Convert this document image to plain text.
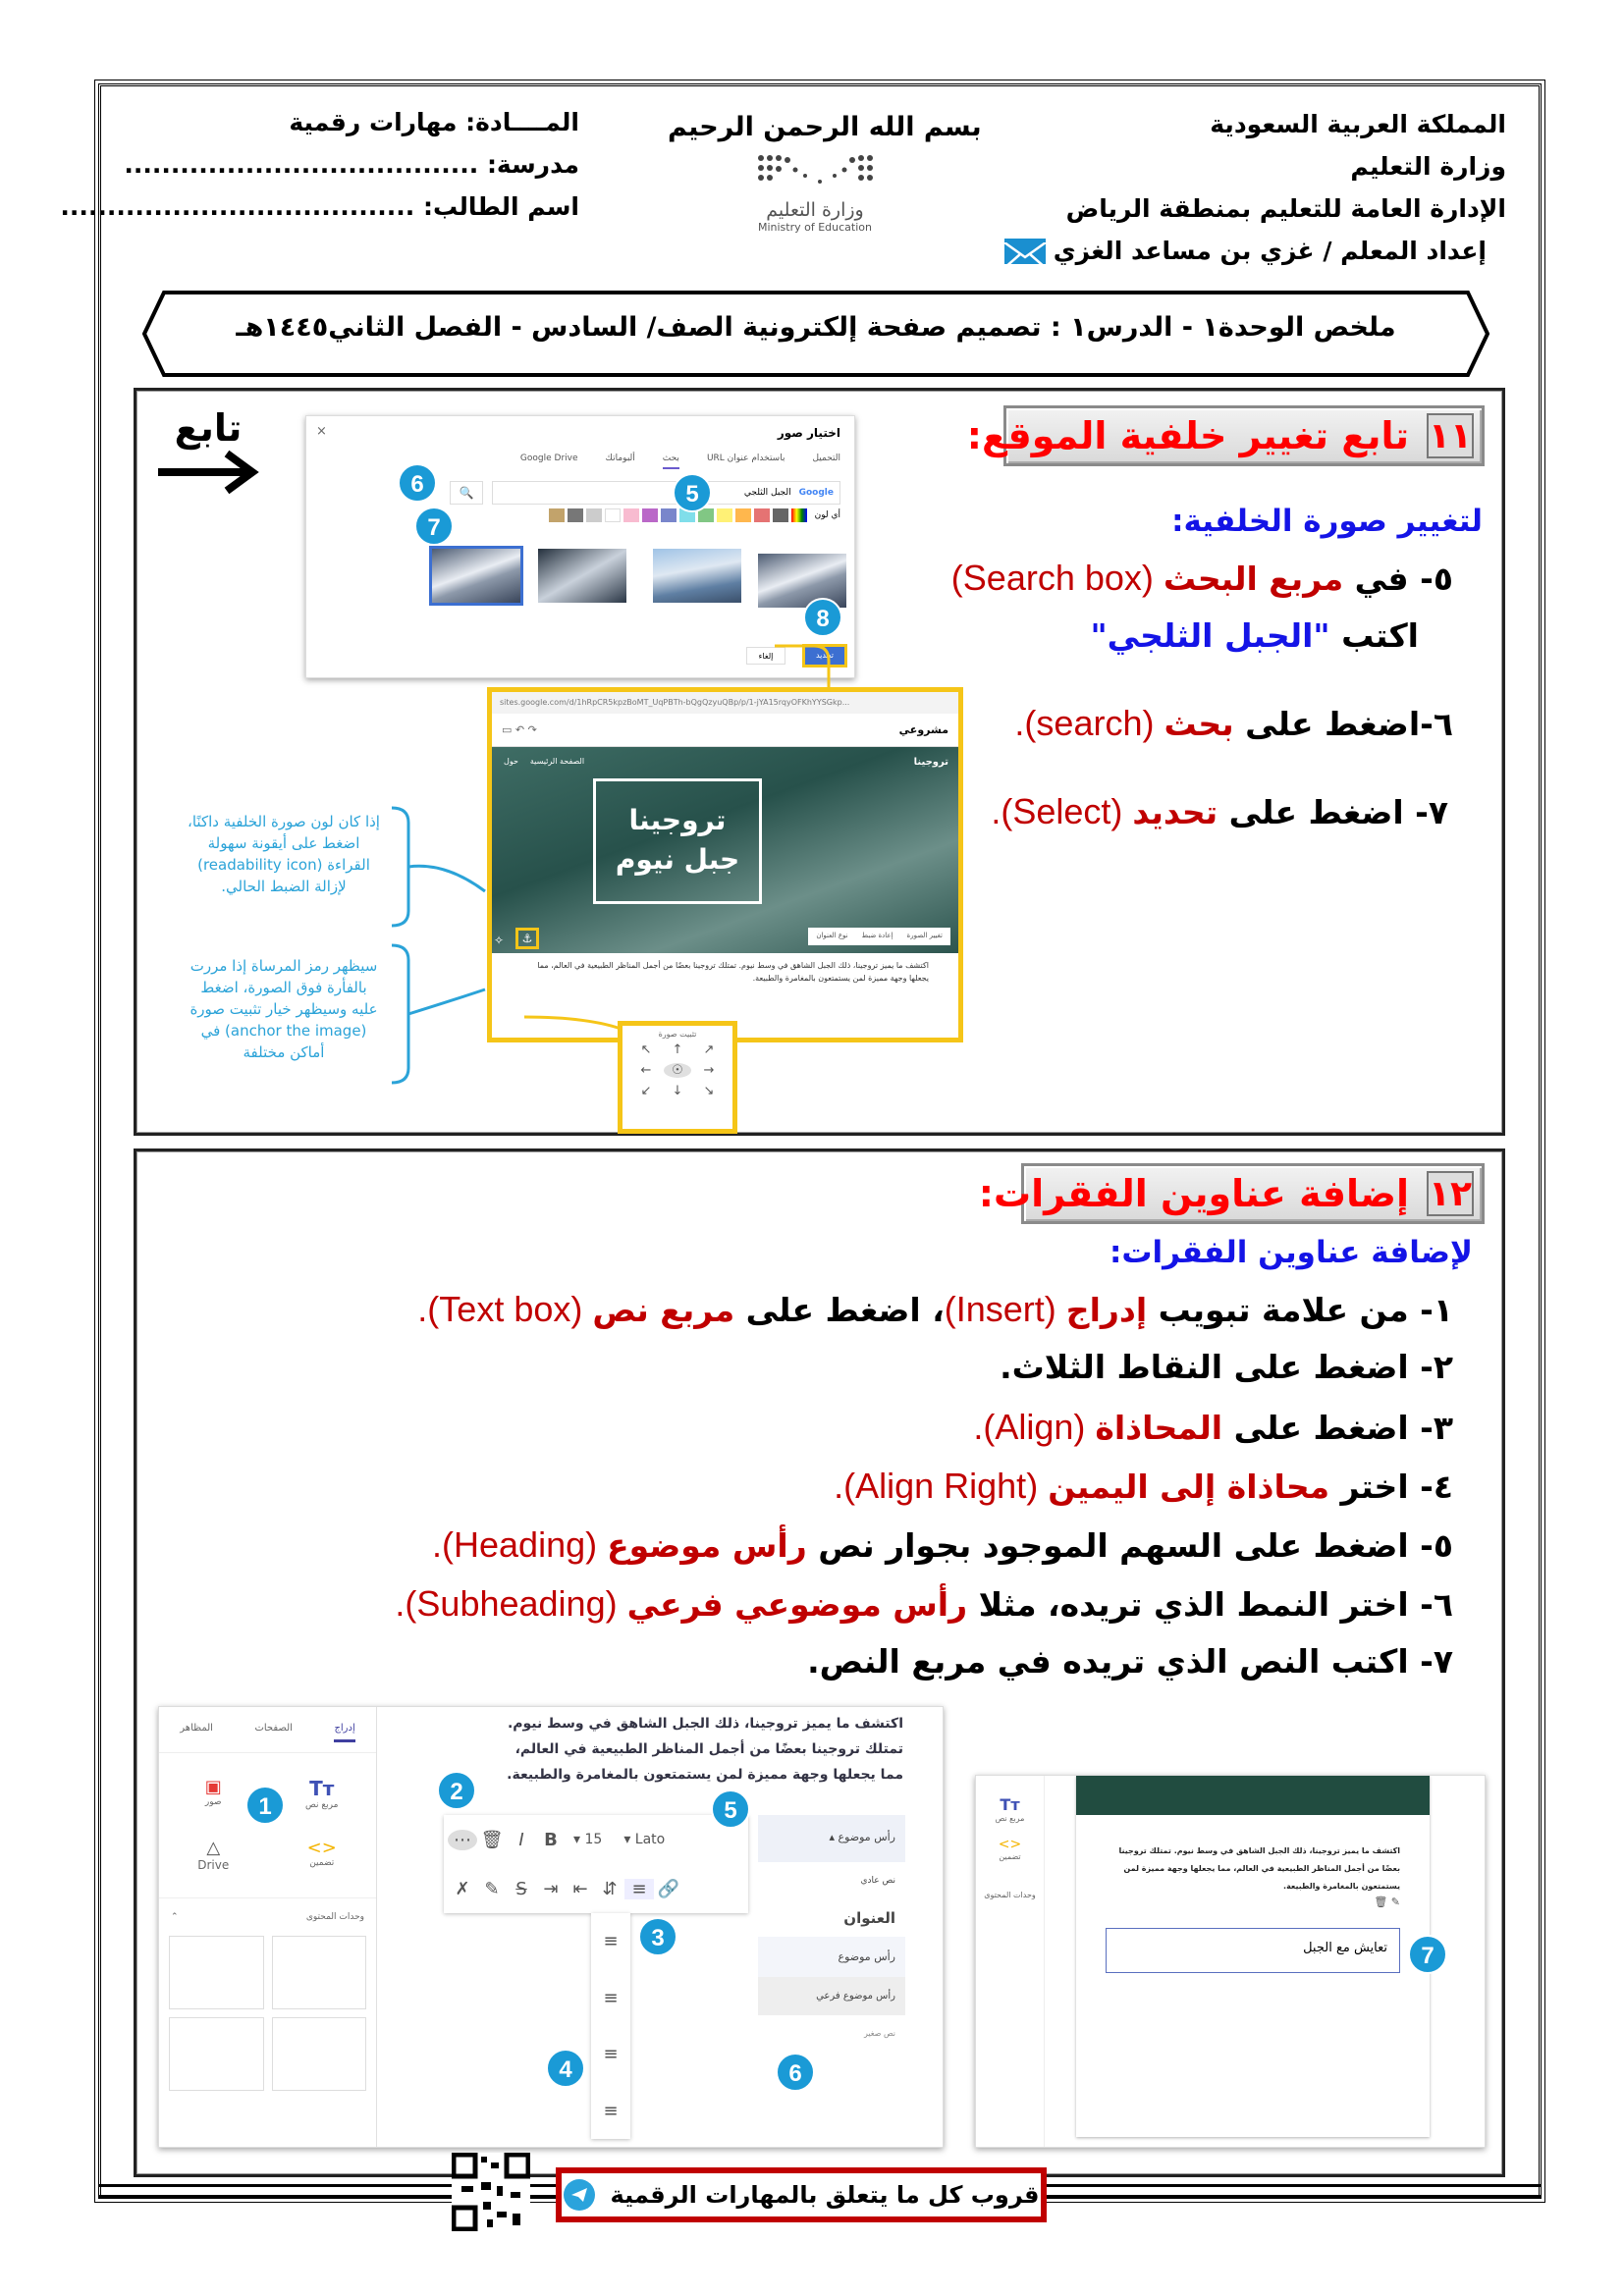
المملكة العربية السعودية
وزارة التعليم
الإدارة العامة للتعليم بمنطقة الرياض
إعداد المعلم / غزي بن مساعد الغزي
بسم الله الرحمن الرحيم
وزارة التعليم
Ministry of Education
المــــادة: مهارات رقمية
مدرسة: ......................................
اسم الطالب: ......................................
ملخص الوحدة١ - الدرس١ : تصميم صفحة إلكترونية الصف/ السادس - الفصل الثاني١٤٤٥هـ
١١
تابع تغيير خلفية الموقع:
لتغيير صورة الخلفية:
٥- في مربع البحث (Search box)
اكتب "الجبل الثلجي"
٦-اضغط على بحث (search).
٧- اضغط على تحديد (Select).
تابع	اختيار صور
×
التحميل
باستخدام عنوان URL
بحث
ألبوماتك
Google Drive
Google
الجبل الثلجي
🔍
أي لون
تحديد
إلغاء
5
6
7
8
sites.google.com/d/1hRpCR5kpzBoMT_UqPBTh-bQgQzyuQBp/p/1-jYA15rqyOFKhYYSGkp...
مشروعي
▭ ↶ ↷
تروجينا
الصفحة الرئيسية
حول
تروجينا
جبل نيوم
تغيير الصورة
إعادة ضبط
نوع العنوان
⚓
✧
اكتشف ما يميز تروجينا، ذلك الجبل الشاهق في وسط نيوم. تمتلك تروجينا بعضًا من أجمل المناظر الطبيعية في العالم، مما يجعلها وجهة مميزة لمن يستمتعون بالمغامرة والطبيعة.
تثبيت صورة
↖	↑	↗
←	☉	→
↙	↓	↘
إذا كان لون صورة الخلفية داكنًا، اضغط على أيقونة سهولة القراءة (readability icon) لإزالة الضبط الحالي.
سيظهر رمز المرساة إذا مررت بالفأرة فوق الصورة، اضغط عليه وسيظهر خيار تثبيت صورة (anchor the image) في أماكن مختلفة
١٢
إضافة عناوين الفقرات:
لإضافة عناوين الفقرات:
١- من علامة تبويب إدراج (Insert)، اضغط على مربع نص (Text box).
٢- اضغط على النقاط الثلاث.
٣- اضغط على المحاذاة (Align).
٤- اختر محاذاة إلى اليمين (Align Right).
٥- اضغط على السهم الموجود بجوار نص رأس موضوع (Heading).
٦- اختر النمط الذي تريده، مثلا رأس موضوعي فرعي (Subheading).
٧- اكتب النص الذي تريده في مربع النص.
إدراج
الصفحات
المظاهر
Tт
مربع نص
▣
صور
<>
تضمين
△
Drive
وحدات المحتوى
⌃
اكتشف ما يميز تروجينا، ذلك الجبل الشاهق في وسط نيوم.
تمتلك تروجينا بعضًا من أجمل المناظر الطبيعية في العالم،
مما يجعلها وجهة مميزة لمن يستمتعون بالمغامرة والطبيعة.
⋯ 🗑 I	B	▾ 15 ▾ Lato
✗ ✎ S ⇥ ⇤ ⇵ ≡ 🔗
≡
≡
≡
≡
رأس موضوع ▴
نص عادي
العنوان
رأس موضوع
رأس موضوع فرعي
نص صغير
1
2
3
4
5
6
Tт
مربع نص
<>
تضمين
وحدات المحتوى
اكتشف ما يميز تروجينا، ذلك الجبل الشاهق في وسط نيوم. تمتلك تروجينا بعضًا من أجمل المناظر الطبيعية في العالم، مما يجعلها وجهة مميزة لمن يستمتعون بالمغامرة والطبيعة.
🗑 ✎
تعايش مع الجبل	7
قروب كل ما يتعلق بالمهارات الرقمية
